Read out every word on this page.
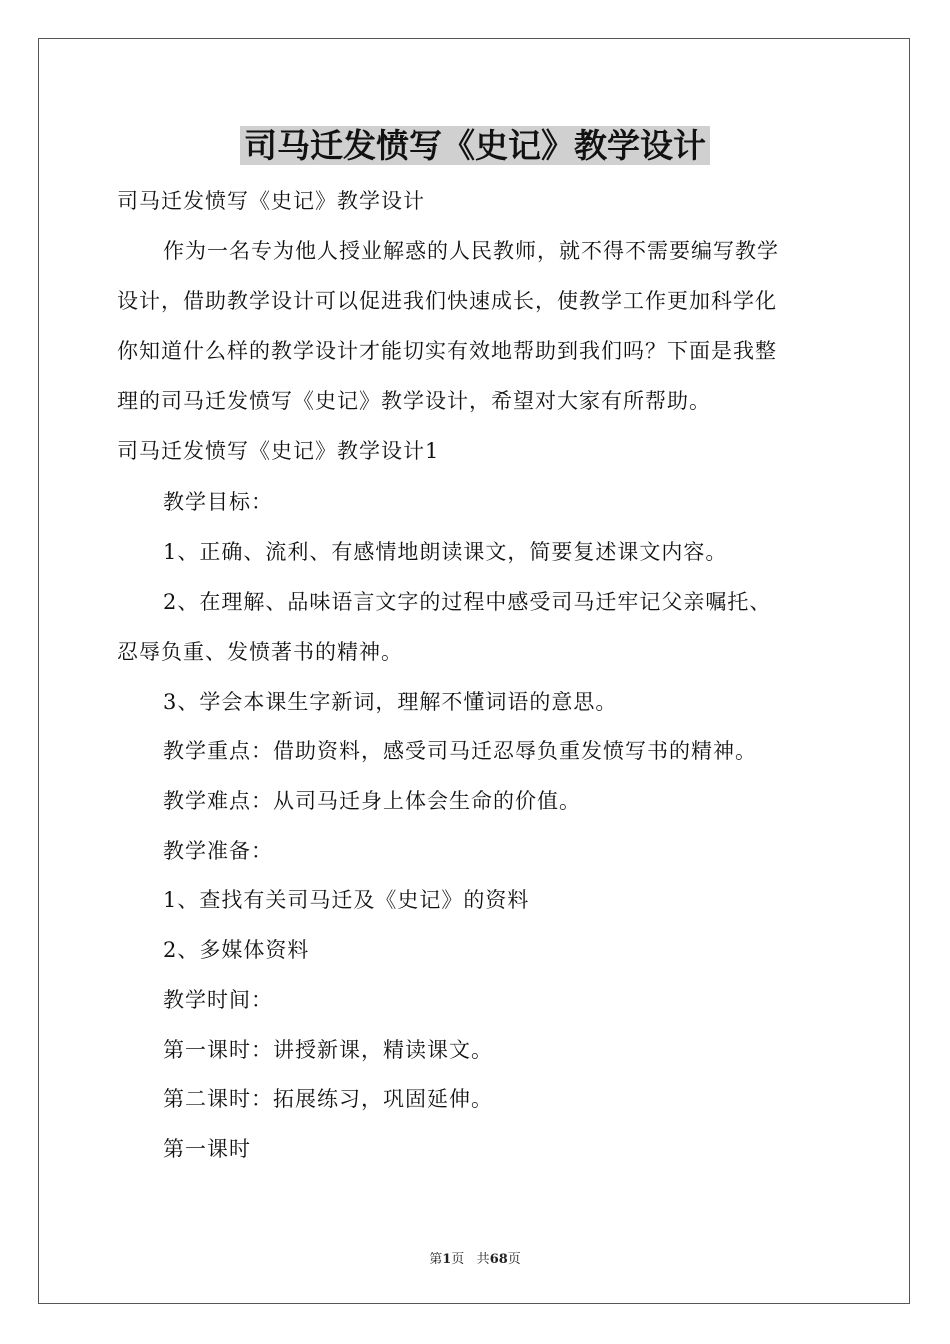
司马迁发愤写《史记》教学设计
司马迁发愤写《史记》教学设计
作为一名专为他人授业解惑的人民教师，就不得不需要编写教学
设计，借助教学设计可以促进我们快速成长，使教学工作更加科学化
你知道什么样的教学设计才能切实有效地帮助到我们吗？下面是我整
理的司马迁发愤写《史记》教学设计，希望对大家有所帮助。
司马迁发愤写《史记》教学设计1
教学目标：
1、正确、流利、有感情地朗读课文，简要复述课文内容。
2、在理解、品味语言文字的过程中感受司马迁牢记父亲嘱托、
忍辱负重、发愤著书的精神。
3、学会本课生字新词，理解不懂词语的意思。
教学重点：借助资料，感受司马迁忍辱负重发愤写书的精神。
教学难点：从司马迁身上体会生命的价值。
教学准备：
1、查找有关司马迁及《史记》的资料
2、多媒体资料
教学时间：
第一课时：讲授新课，精读课文。
第二课时：拓展练习，巩固延伸。
第一课时
第1页 共68页
